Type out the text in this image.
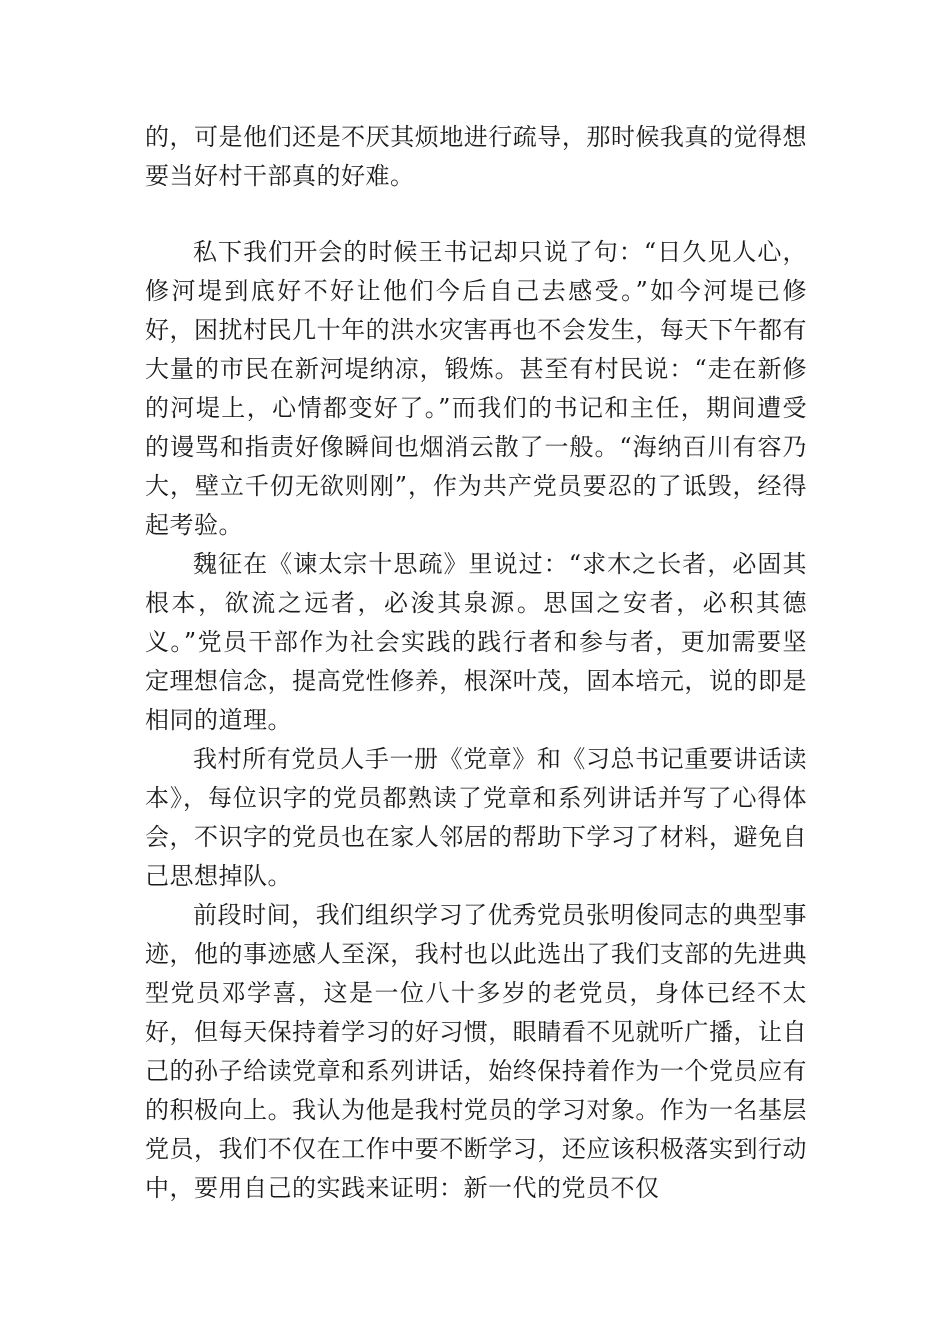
的，可是他们还是不厌其烦地进行疏导，那时候我真的觉得想要当好村干部真的好难。

私下我们开会的时候王书记却只说了句：“日久见人心，修河堤到底好不好让他们今后自己去感受。”如今河堤已修好，困扰村民几十年的洪水灾害再也不会发生，每天下午都有大量的市民在新河堤纳凉，锻炼。甚至有村民说：“走在新修的河堤上，心情都变好了。”而我们的书记和主任，期间遭受的谩骂和指责好像瞬间也烟消云散了一般。“海纳百川有容乃大，壁立千仞无欲则刚”，作为共产党员要忍的了诋毁，经得起考验。

魏征在《谏太宗十思疏》里说过：“求木之长者，必固其根本，欲流之远者，必浚其泉源。思国之安者，必积其德义。”党员干部作为社会实践的践行者和参与者，更加需要坚定理想信念，提高党性修养，根深叶茂，固本培元，说的即是相同的道理。

我村所有党员人手一册《党章》和《习总书记重要讲话读本》，每位识字的党员都熟读了党章和系列讲话并写了心得体会，不识字的党员也在家人邻居的帮助下学习了材料，避免自己思想掉队。

前段时间，我们组织学习了优秀党员张明俊同志的典型事迹，他的事迹感人至深，我村也以此选出了我们支部的先进典型党员邓学喜，这是一位八十多岁的老党员，身体已经不太好，但每天保持着学习的好习惯，眼睛看不见就听广播，让自己的孙子给读党章和系列讲话，始终保持着作为一个党员应有的积极向上。我认为他是我村党员的学习对象。作为一名基层党员，我们不仅在工作中要不断学习，还应该积极落实到行动中，要用自己的实践来证明：新一代的党员不仅
